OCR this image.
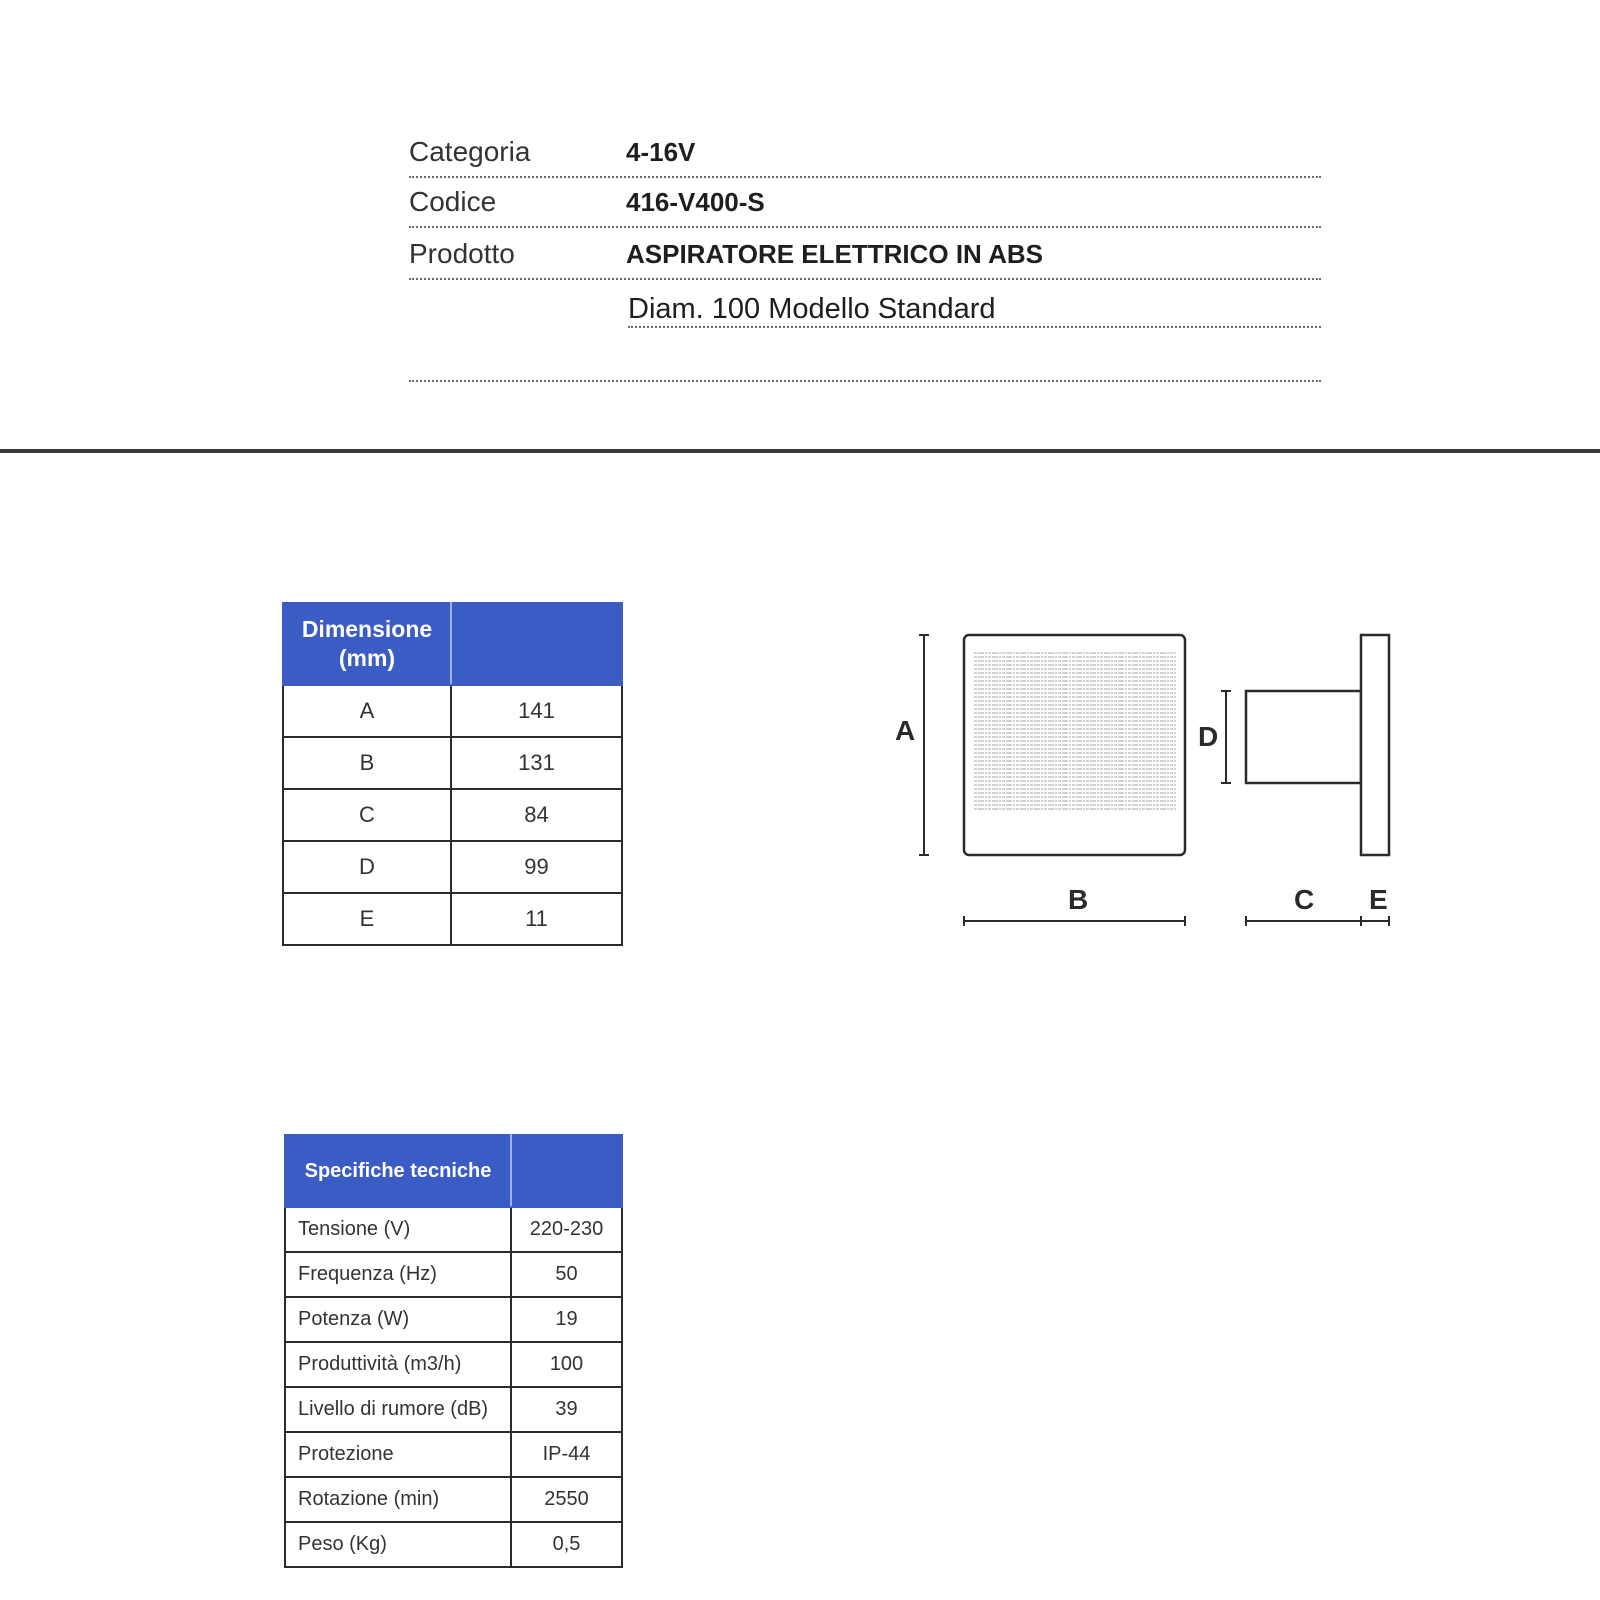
Categoria	4-16V
Codice	416-V400-S
Prodotto	ASPIRATORE ELETTRICO IN ABS
Diam. 100 Modello Standard
Dimensione
(mm)	
A	141
B	131
C	84
D	99
E	11
A
B
D
C E
Specifiche tecniche	
Tensione (V)	220-230
Frequenza (Hz)	50
Potenza (W)	19
Produttività (m3/h)	100
Livello di rumore (dB)	39
Protezione	IP-44
Rotazione (min)	2550
Peso (Kg)	0,5
